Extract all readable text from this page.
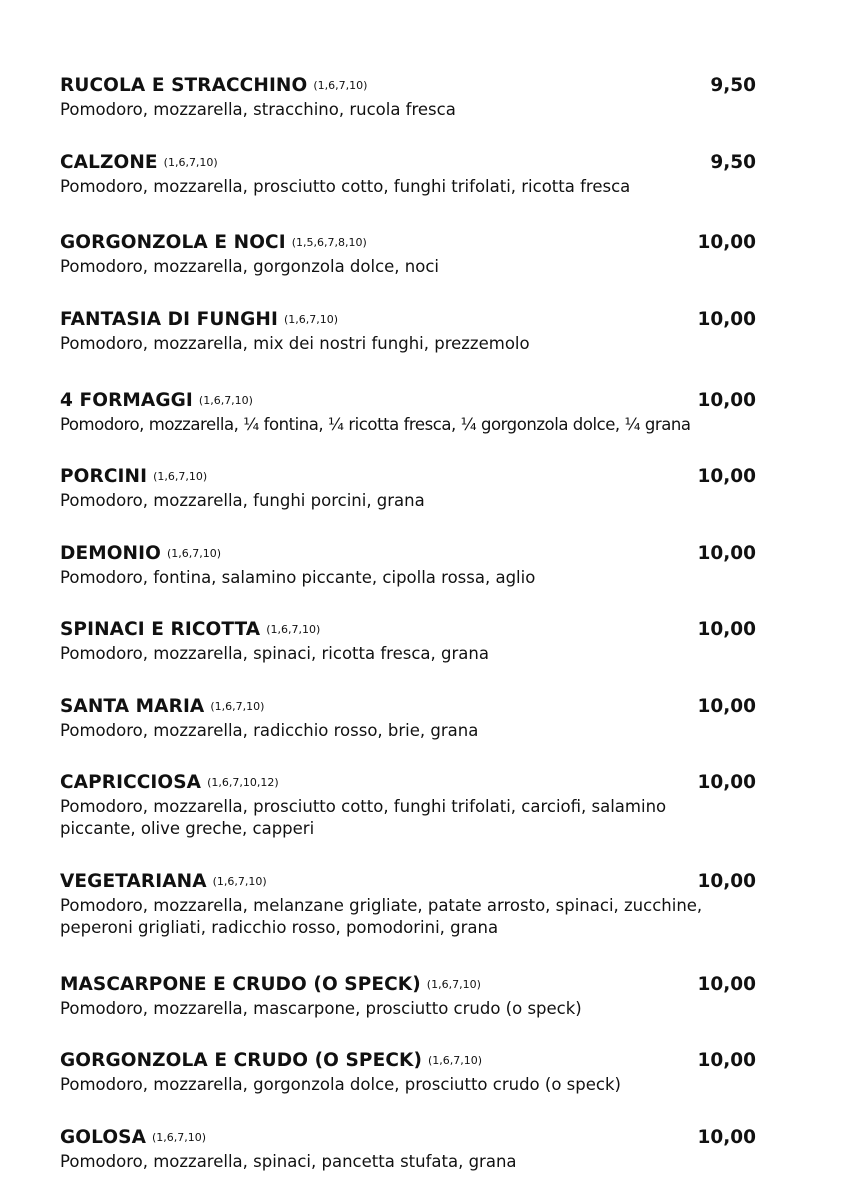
RUCOLA E STRACCHINO $^{(1,6,7,10)}$	9,50
Pomodoro, mozzarella, stracchino, rucola fresca
CALZONE $^{(1,6,7,10)}$	9,50
Pomodoro, mozzarella, prosciutto cotto, funghi trifolati, ricotta fresca
GORGONZOLA E NOCI $^{(1,5,6,7,8,10)}$	10,00
Pomodoro, mozzarella, gorgonzola dolce, noci
FANTASIA DI FUNGHI $^{(1,6,7,10)}$	10,00
Pomodoro, mozzarella, mix dei nostri funghi, prezzemolo
4 FORMAGGI $^{(1,6,7,10)}$	10,00
Pomodoro, mozzarella, ¼ fontina, ¼ ricotta fresca, ¼ gorgonzola dolce, ¼ grana
PORCINI $^{(1,6,7,10)}$	10,00
Pomodoro, mozzarella, funghi porcini, grana
DEMONIO $^{(1,6,7,10)}$	10,00
Pomodoro, fontina, salamino piccante, cipolla rossa, aglio
SPINACI E RICOTTA $^{(1,6,7,10)}$	10,00
Pomodoro, mozzarella, spinaci, ricotta fresca, grana
SANTA MARIA $^{(1,6,7,10)}$	10,00
Pomodoro, mozzarella, radicchio rosso, brie, grana
CAPRICCIOSA $^{(1,6,7,10,12)}$	10,00
Pomodoro, mozzarella, prosciutto cotto, funghi trifolati, carciofi, salamino piccante, olive greche, capperi
VEGETARIANA $^{(1,6,7,10)}$	10,00
Pomodoro, mozzarella, melanzane grigliate, patate arrosto, spinaci, zucchine, peperoni grigliati, radicchio rosso, pomodorini, grana
MASCARPONE E CRUDO (O SPECK) $^{(1,6,7,10)}$	10,00
Pomodoro, mozzarella, mascarpone, prosciutto crudo (o speck)
GORGONZOLA E CRUDO (O SPECK) $^{(1,6,7,10)}$	10,00
Pomodoro, mozzarella, gorgonzola dolce, prosciutto crudo (o speck)
GOLOSA $^{(1,6,7,10)}$	10,00
Pomodoro, mozzarella, spinaci, pancetta stufata, grana
